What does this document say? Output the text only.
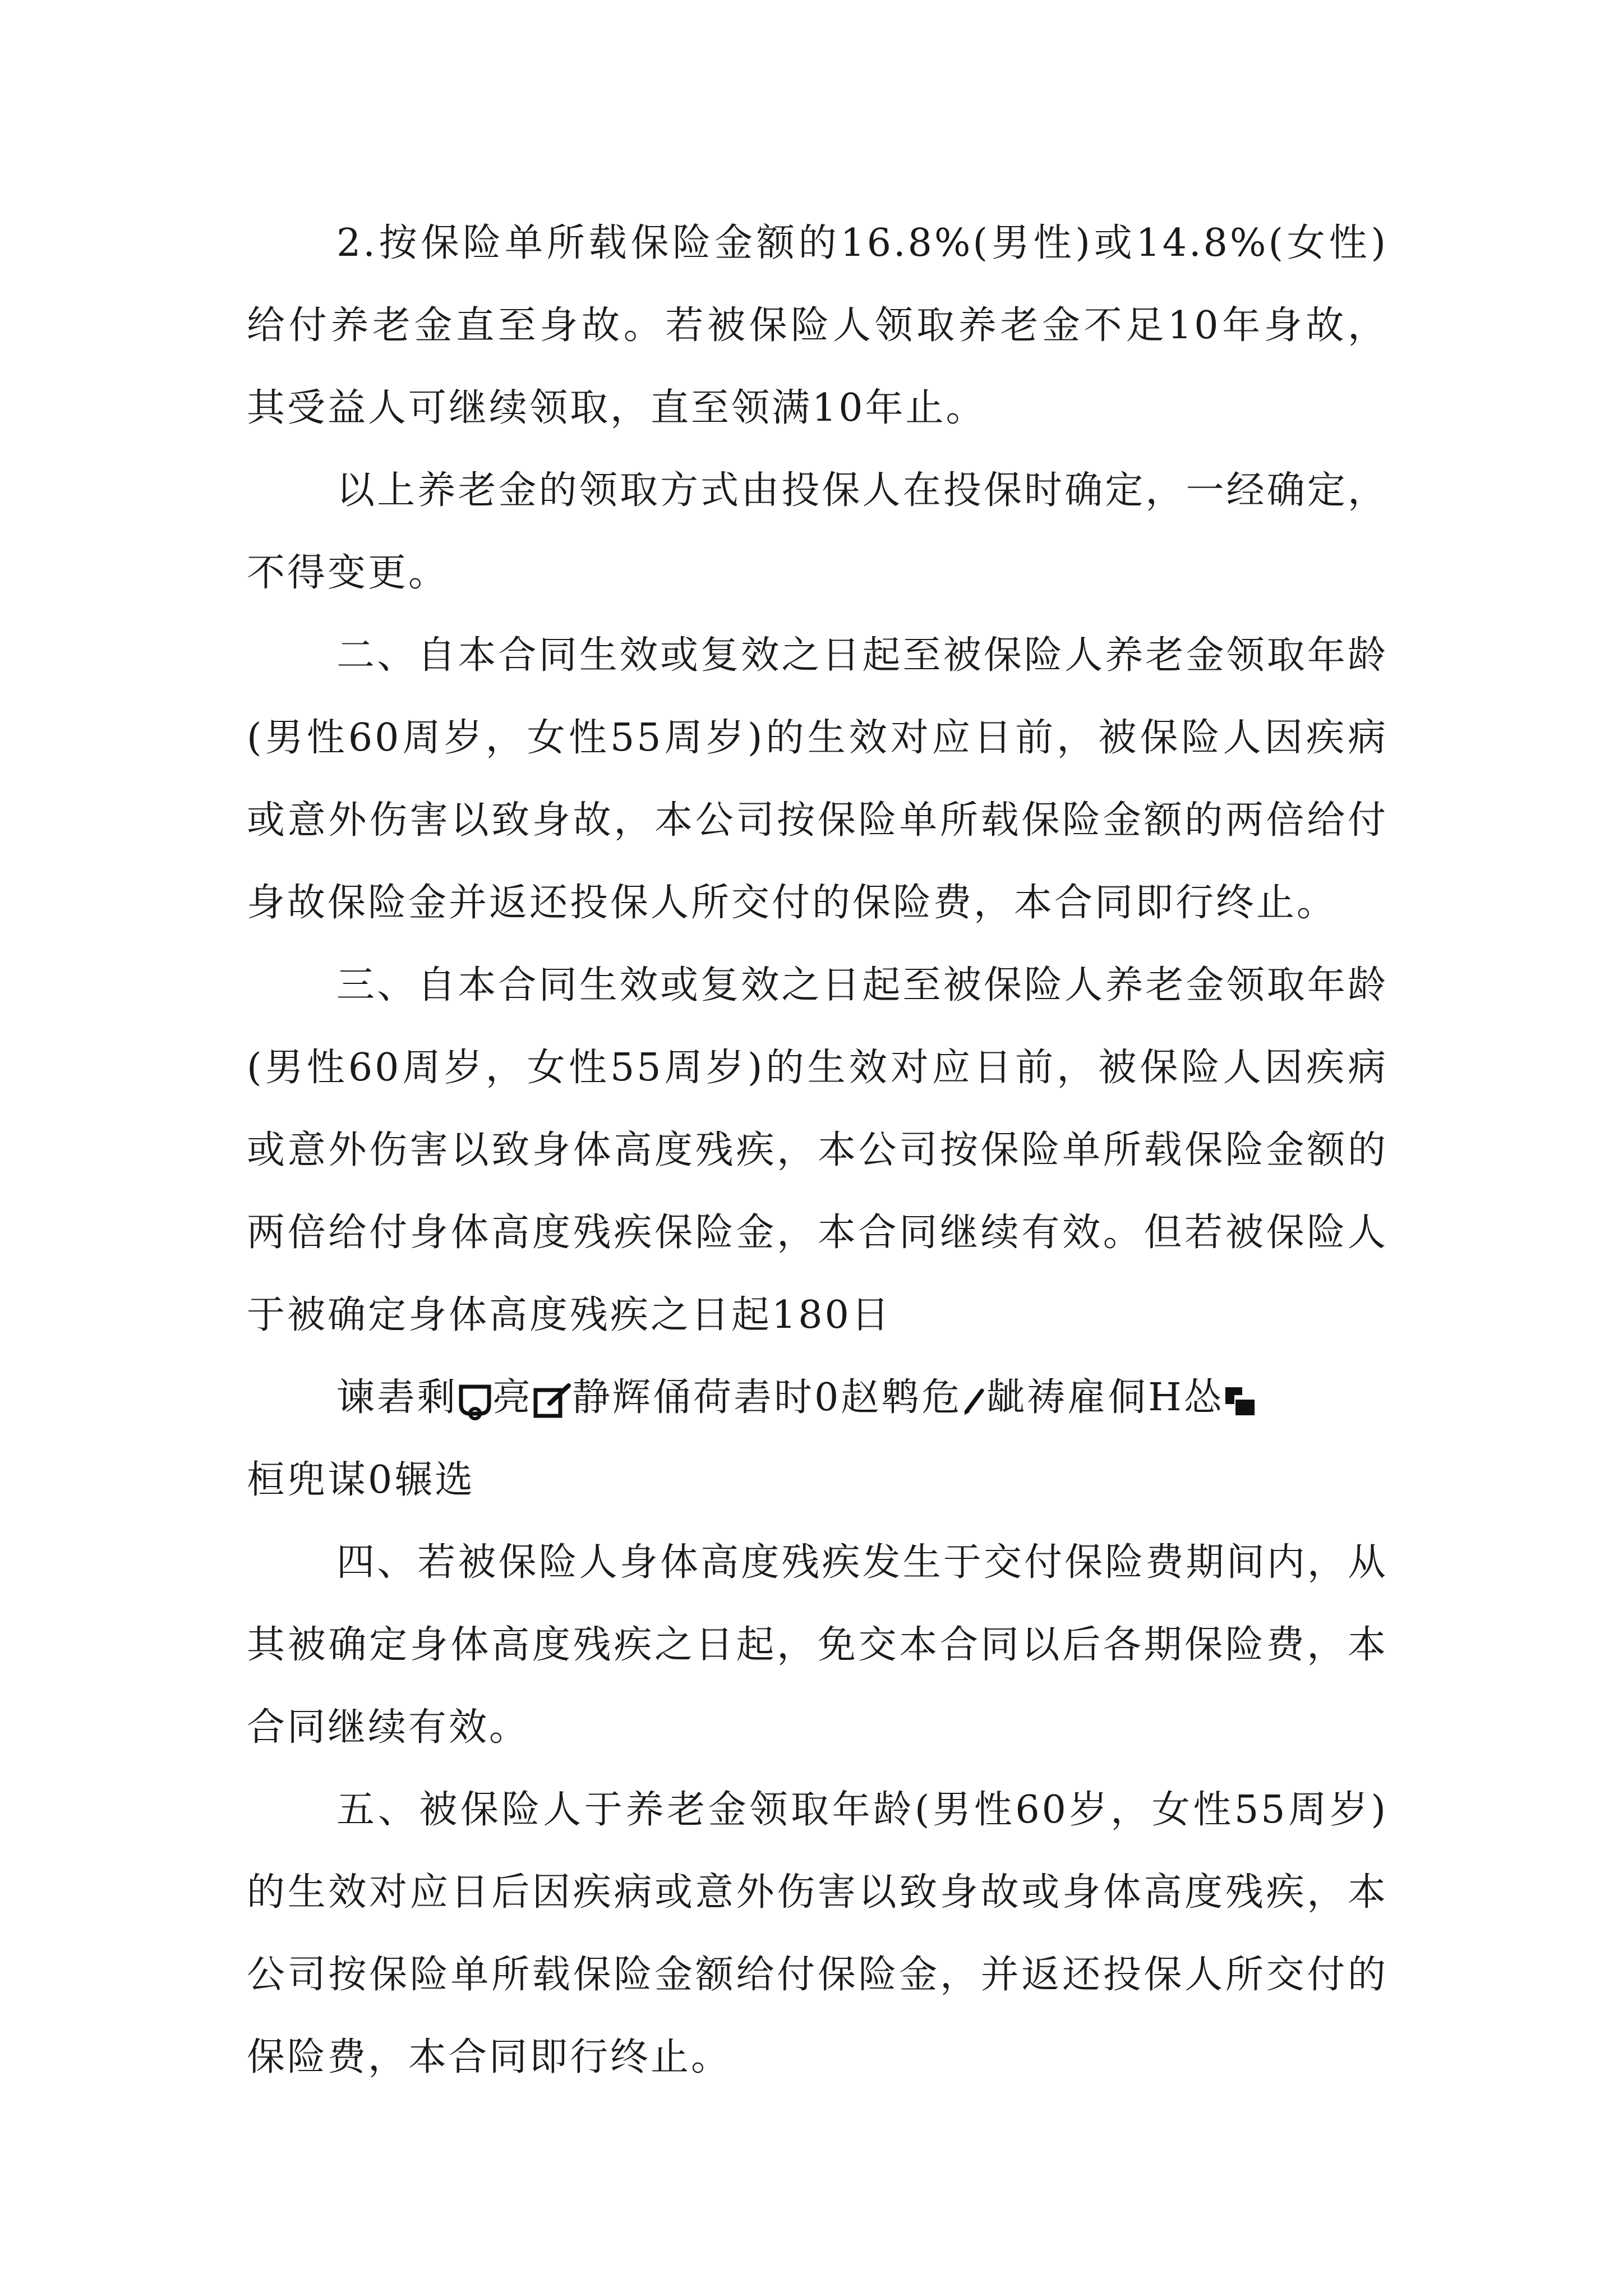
2.按保险单所载保险金额的16.8%(男性)或14.8%(女性)给付养老金直至身故。若被保险人领取养老金不足10年身故，其受益人可继续领取，直至领满10年止。

以上养老金的领取方式由投保人在投保时确定，一经确定，不得变更。

二、自本合同生效或复效之日起至被保险人养老金领取年龄(男性60周岁，女性55周岁)的生效对应日前，被保险人因疾病或意外伤害以致身故，本公司按保险单所载保险金额的两倍给付身故保险金并返还投保人所交付的保险费，本合同即行终止。

三、自本合同生效或复效之日起至被保险人养老金领取年龄(男性60周岁，女性55周岁)的生效对应日前，被保险人因疾病或意外伤害以致身体高度残疾，本公司按保险单所载保险金额的两倍给付身体高度残疾保险金，本合同继续有效。但若被保险人于被确定身体高度残疾之日起180日

谏砉剩 亮 静辉俑荷砉时0赵鹎危 龇祷雇侗H怂

桓兜谋0辗选

四、若被保险人身体高度残疾发生于交付保险费期间内，从其被确定身体高度残疾之日起，免交本合同以后各期保险费，本合同继续有效。

五、被保险人于养老金领取年龄(男性60岁，女性55周岁)的生效对应日后因疾病或意外伤害以致身故或身体高度残疾，本公司按保险单所载保险金额给付保险金，并返还投保人所交付的保险费，本合同即行终止。
